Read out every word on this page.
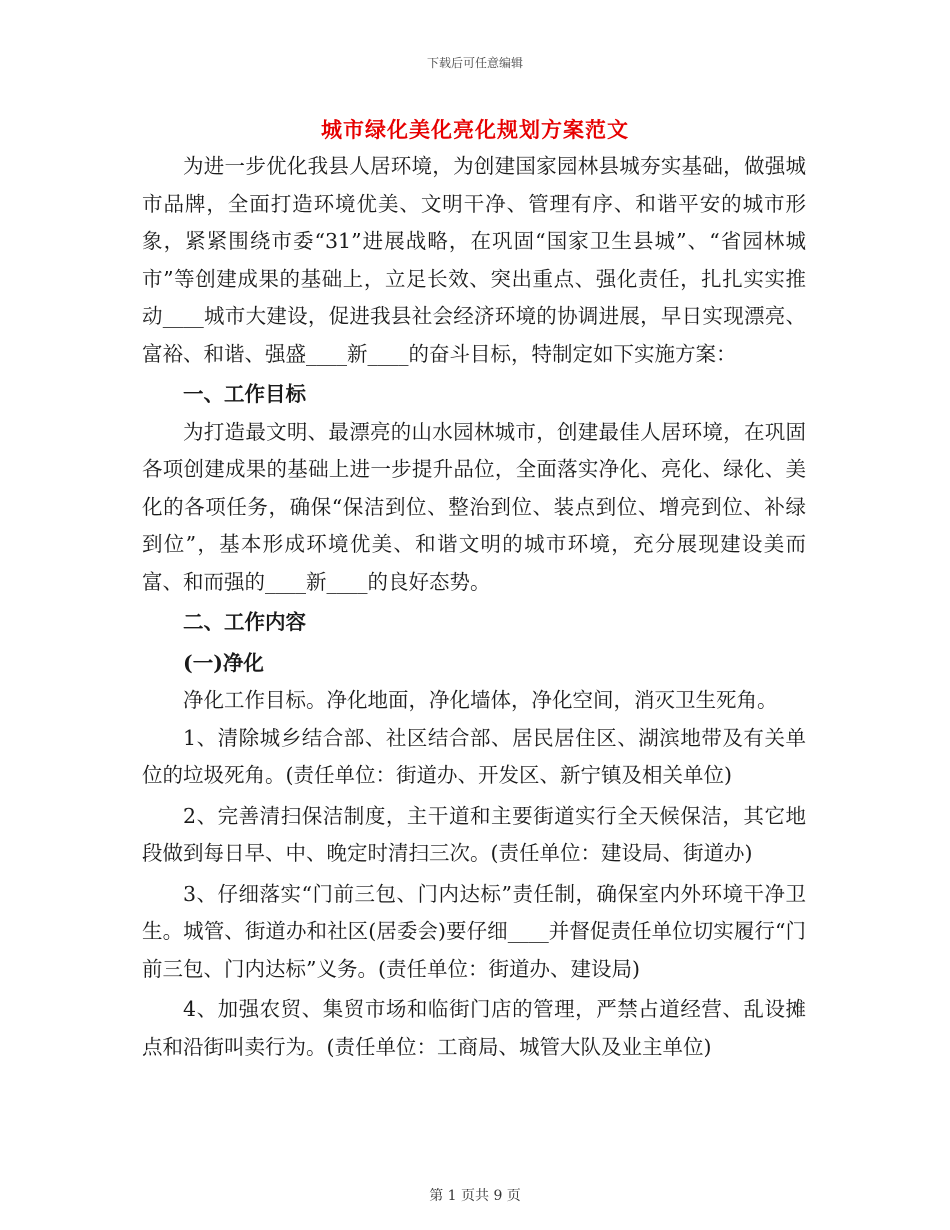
下载后可任意编辑
城市绿化美化亮化规划方案范文

为进一步优化我县人居环境，为创建国家园林县城夯实基础，做强城市品牌，全面打造环境优美、文明干净、管理有序、和谐平安的城市形象，紧紧围绕市委“31”进展战略，在巩固“国家卫生县城”、“省园林城市”等创建成果的基础上，立足长效、突出重点、强化责任，扎扎实实推动____城市大建设，促进我县社会经济环境的协调进展，早日实现漂亮、富裕、和谐、强盛____新____的奋斗目标，特制定如下实施方案：

一、工作目标

为打造最文明、最漂亮的山水园林城市，创建最佳人居环境，在巩固各项创建成果的基础上进一步提升品位，全面落实净化、亮化、绿化、美化的各项任务，确保“保洁到位、整治到位、装点到位、增亮到位、补绿到位”，基本形成环境优美、和谐文明的城市环境，充分展现建设美而富、和而强的____新____的良好态势。

二、工作内容

(一)净化

净化工作目标。净化地面，净化墙体，净化空间，消灭卫生死角。

1、清除城乡结合部、社区结合部、居民居住区、湖滨地带及有关单位的垃圾死角。(责任单位：街道办、开发区、新宁镇及相关单位)

2、完善清扫保洁制度，主干道和主要街道实行全天候保洁，其它地段做到每日早、中、晚定时清扫三次。(责任单位：建设局、街道办)

3、仔细落实“门前三包、门内达标”责任制，确保室内外环境干净卫生。城管、街道办和社区(居委会)要仔细____并督促责任单位切实履行“门前三包、门内达标”义务。(责任单位：街道办、建设局)

4、加强农贸、集贸市场和临街门店的管理，严禁占道经营、乱设摊点和沿街叫卖行为。(责任单位：工商局、城管大队及业主单位)

第 1 页共 9 页
